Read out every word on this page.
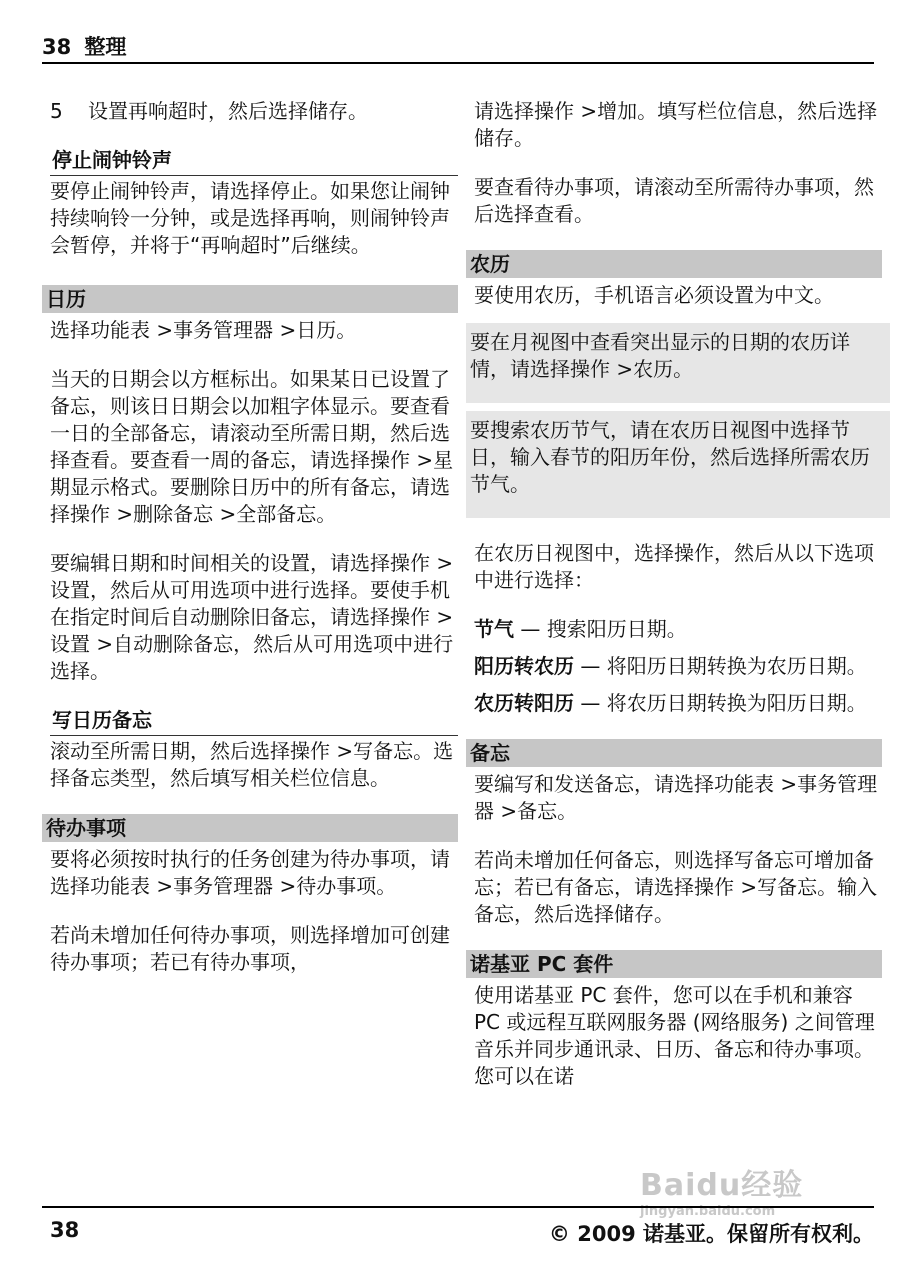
38 整理

5	设置再响超时，然后选择储存。

停止闹钟铃声

要停止闹钟铃声，请选择停止。如果您让闹钟持续响铃一分钟，或是选择再响，则闹钟铃声会暂停，并将于“再响超时”后继续。

日历

选择功能表 >事务管理器 >日历。

当天的日期会以方框标出。如果某日已设置了备忘，则该日日期会以加粗字体显示。要查看一日的全部备忘，请滚动至所需日期，然后选择查看。要查看一周的备忘，请选择操作 >星期显示格式。要删除日历中的所有备忘，请选择操作 >删除备忘 >全部备忘。

要编辑日期和时间相关的设置，请选择操作 >设置，然后从可用选项中进行选择。要使手机在指定时间后自动删除旧备忘，请选择操作 >设置 >自动删除备忘，然后从可用选项中进行选择。

写日历备忘

滚动至所需日期，然后选择操作 >写备忘。选择备忘类型，然后填写相关栏位信息。

待办事项

要将必须按时执行的任务创建为待办事项，请选择功能表 >事务管理器 >待办事项。

若尚未增加任何待办事项，则选择增加可创建待办事项；若已有待办事项，

请选择操作 >增加。填写栏位信息，然后选择储存。

要查看待办事项，请滚动至所需待办事项，然后选择查看。

农历

要使用农历，手机语言必须设置为中文。

要在月视图中查看突出显示的日期的农历详情，请选择操作 >农历。

要搜索农历节气，请在农历日视图中选择节日，输入春节的阳历年份，然后选择所需农历节气。

在农历日视图中，选择操作，然后从以下选项中进行选择：

节气 — 搜索阳历日期。

阳历转农历 — 将阳历日期转换为农历日期。

农历转阳历 — 将农历日期转换为阳历日期。

备忘

要编写和发送备忘，请选择功能表 >事务管理器 >备忘。

若尚未增加任何备忘，则选择写备忘可增加备忘；若已有备忘，请选择操作 >写备忘。输入备忘，然后选择储存。

诺基亚 PC 套件

使用诺基亚 PC 套件，您可以在手机和兼容 PC 或远程互联网服务器 (网络服务) 之间管理音乐并同步通讯录、日历、备忘和待办事项。您可以在诺

Baidu经验
jingyan.baidu.com
38	© 2009 诺基亚。保留所有权利。
